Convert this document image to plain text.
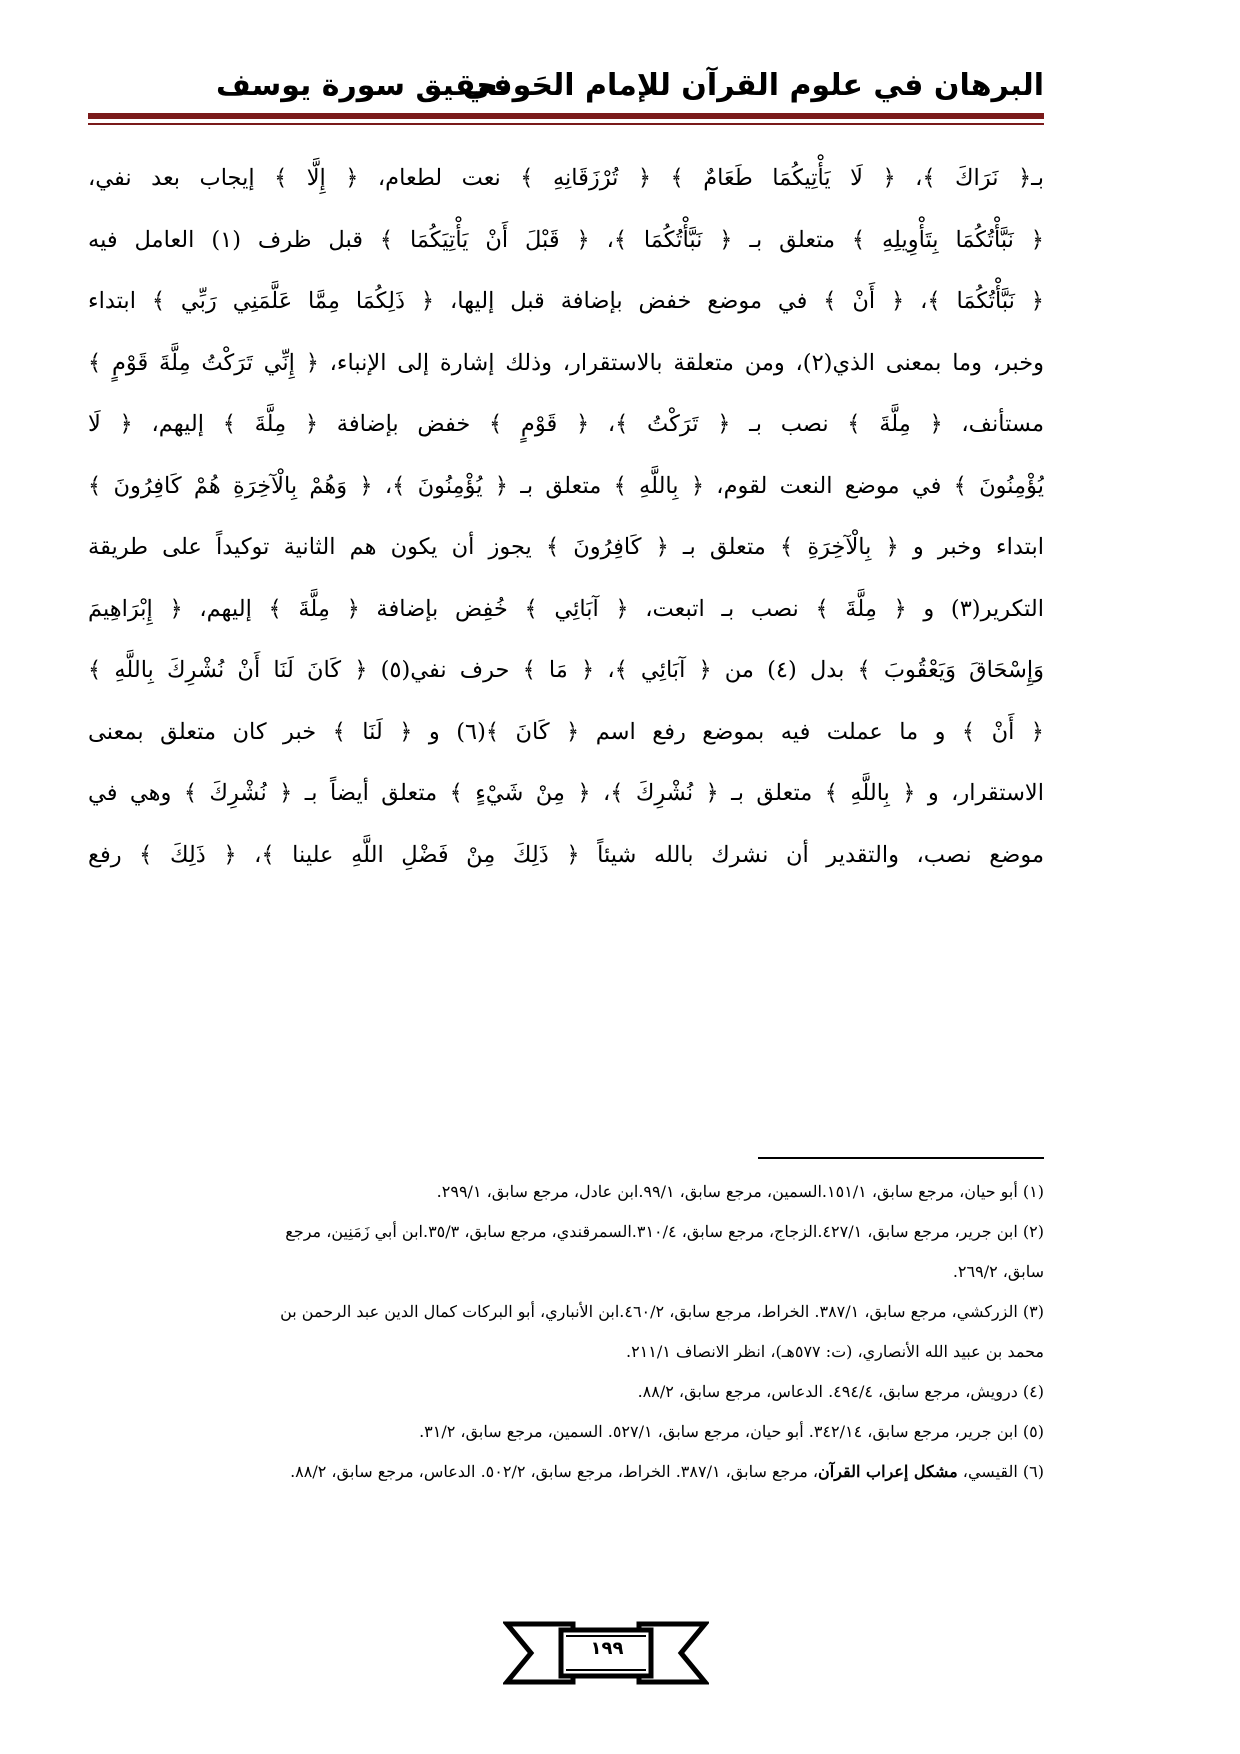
البرهان في علوم القرآن للإمام الحَوفي
تحقيق سورة يوسف
بـ﴿ نَرَاكَ ﴾، ﴿ لَا يَأْتِيكُمَا طَعَامٌ ﴾ ﴿ تُرْزَقَانِهِ ﴾ نعت لطعام، ﴿ إِلَّا ﴾ إيجاب بعد نفي،
﴿ نَبَّأْتُكُمَا بِتَأْوِيلِهِ ﴾ متعلق بـ ﴿ نَبَّأْتُكُمَا ﴾، ﴿ قَبْلَ أَنْ يَأْتِيَكُمَا ﴾ قبل ظرف (١) العامل فيه
﴿ نَبَّأْتُكُمَا ﴾، ﴿ أَنْ ﴾ في موضع خفض بإضافة قبل إليها، ﴿ ذَلِكُمَا مِمَّا عَلَّمَنِي رَبِّي ﴾ ابتداء
وخبر، وما بمعنى الذي(٢)، ومن متعلقة بالاستقرار، وذلك إشارة إلى الإنباء، ﴿ إِنِّي تَرَكْتُ مِلَّةَ قَوْمٍ ﴾
مستأنف، ﴿ مِلَّةَ ﴾ نصب بـ ﴿ تَرَكْتُ ﴾، ﴿ قَوْمٍ ﴾ خفض بإضافة ﴿ مِلَّةَ ﴾ إليهم، ﴿ لَا
يُؤْمِنُونَ ﴾ في موضع النعت لقوم، ﴿ بِاللَّهِ ﴾ متعلق بـ ﴿ يُؤْمِنُونَ ﴾، ﴿ وَهُمْ بِالْآخِرَةِ هُمْ كَافِرُونَ ﴾
ابتداء وخبر و ﴿ بِالْآخِرَةِ ﴾ متعلق بـ ﴿ كَافِرُونَ ﴾ يجوز أن يكون هم الثانية توكيداً على طريقة
التكرير(٣) و ﴿ مِلَّةَ ﴾ نصب بـ اتبعت، ﴿ آبَائِي ﴾ خُفِض بإضافة ﴿ مِلَّةَ ﴾ إليهم، ﴿ إِبْرَاهِيمَ
وَإِسْحَاقَ وَيَعْقُوبَ ﴾ بدل (٤) من ﴿ آبَائِي ﴾، ﴿ مَا ﴾ حرف نفي(٥) ﴿ كَانَ لَنَا أَنْ نُشْرِكَ بِاللَّهِ ﴾
﴿ أَنْ ﴾ و ما عملت فيه بموضع رفع اسم ﴿ كَانَ ﴾(٦) و ﴿ لَنَا ﴾ خبر كان متعلق بمعنى
الاستقرار، و ﴿ بِاللَّهِ ﴾ متعلق بـ ﴿ نُشْرِكَ ﴾، ﴿ مِنْ شَيْءٍ ﴾ متعلق أيضاً بـ ﴿ نُشْرِكَ ﴾ وهي في
موضع نصب، والتقدير أن نشرك بالله شيئاً ﴿ ذَلِكَ مِنْ فَضْلِ اللَّهِ علينا ﴾، ﴿ ذَلِكَ ﴾ رفع
(١) أبو حيان، مرجع سابق، ١٥١/١.السمين، مرجع سابق، ٩٩/١.ابن عادل، مرجع سابق، ٢٩٩/١.
(٢) ابن جرير، مرجع سابق، ٤٢٧/١.الزجاج، مرجع سابق، ٣١٠/٤.السمرقندي، مرجع سابق، ٣٥/٣.ابن أبي زَمَنِين، مرجع
سابق، ٢٦٩/٢.
(٣) الزركشي، مرجع سابق، ٣٨٧/١. الخراط، مرجع سابق، ٤٦٠/٢.ابن الأنباري، أبو البركات كمال الدين عبد الرحمن بن
محمد بن عبيد الله الأنصاري، (ت: ٥٧٧هـ)، انظر الانصاف ٢١١/١.
(٤) درويش، مرجع سابق، ٤٩٤/٤. الدعاس، مرجع سابق، ٨٨/٢.
(٥) ابن جرير، مرجع سابق، ٣٤٢/١٤. أبو حيان، مرجع سابق، ٥٢٧/١. السمين، مرجع سابق، ٣١/٢.
(٦) القيسي، مشكل إعراب القرآن، مرجع سابق، ٣٨٧/١. الخراط، مرجع سابق، ٥٠٢/٢. الدعاس، مرجع سابق، ٨٨/٢.
١٩٩
